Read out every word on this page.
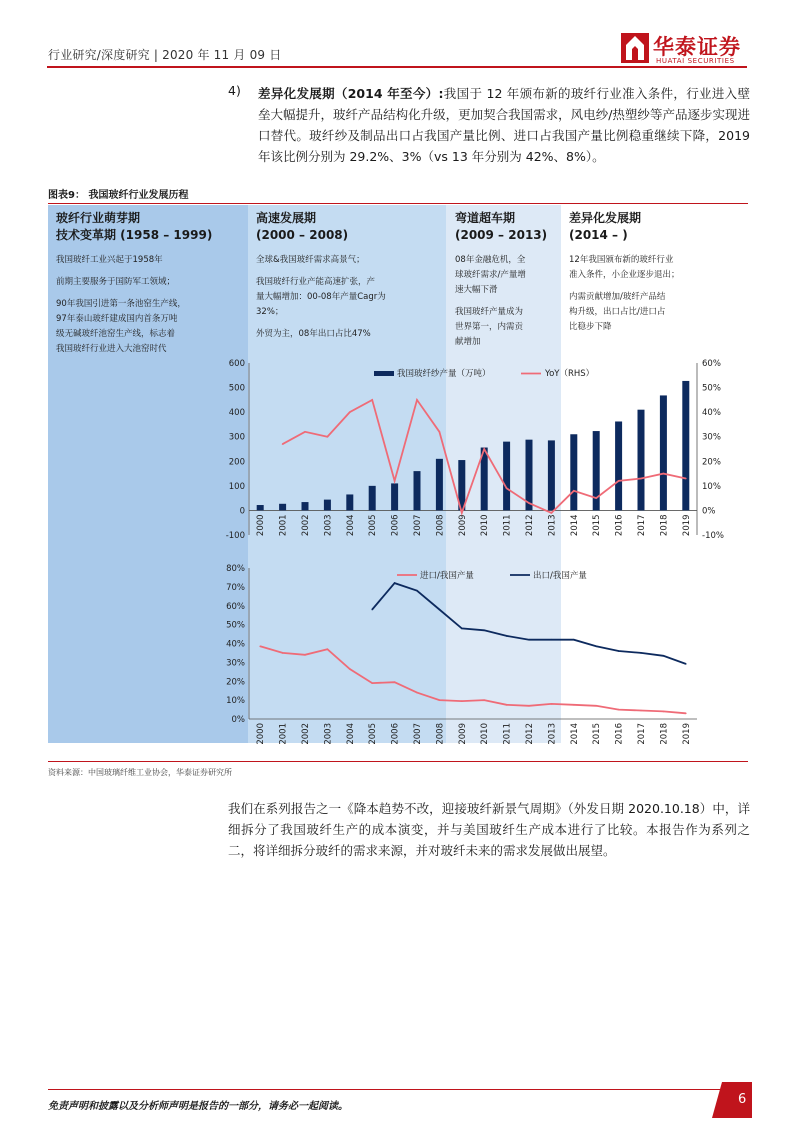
行业研究/深度研究 | 2020 年 11 月 09 日	华泰证券
HUATAI SECURITIES
4) 差异化发展期（2014 年至今）:我国于 12 年颁布新的玻纤行业准入条件，行业进入壁垒大幅提升，玻纤产品结构化升级，更加契合我国需求，风电纱/热塑纱等产品逐步实现进口替代。玻纤纱及制品出口占我国产量比例、进口占我国产量比例稳重继续下降，2019 年该比例分别为 29.2%、3%（vs 13 年分别为 42%、8%）。
图表9： 我国玻纤行业发展历程
玻纤行业萌芽期
技术变革期 (1958 – 1999)
我国玻纤工业兴起于1958年
前期主要服务于国防军工领域；
90年我国引进第一条池窑生产线，
97年泰山玻纤建成国内首条万吨
级无碱玻纤池窑生产线，标志着
我国玻纤行业进入大池窑时代
高速发展期
(2000 – 2008)
全球&我国玻纤需求高景气；
我国玻纤行业产能高速扩张，产
量大幅增加：00-08年产量Cagr为
32%；
外贸为主，08年出口占比47%
弯道超车期
(2009 – 2013)
08年金融危机，全
球玻纤需求/产量增
速大幅下滑
我国玻纤产量成为
世界第一，内需贡
献增加
差异化发展期
(2014 – )
12年我国颁布新的玻纤行业
准入条件，小企业逐步退出；
内需贡献增加/玻纤产品结
构升级，出口占比/进口占
比稳步下降
-100
0
100
200
300
400
500
600
-10%
0%
10%
20%
30%
40%
50%
60%
2000 2001 2002 2003 2004 2005 2006 2007 2008 2009 2010 2011 2012 2013 2014 2015 2016 2017 2018 2019
我国玻纤纱产量（万吨）	YoY（RHS）
0%
10%
20%
30%
40%
50%
60%
70%
80%
2000 2001 2002 2003 2004 2005 2006 2007 2008 2009 2010 2011 2012 2013 2014 2015 2016 2017 2018 2019
进口/我国产量	出口/我国产量
资料来源：中国玻璃纤维工业协会，华泰证券研究所
我们在系列报告之一《降本趋势不改，迎接玻纤新景气周期》（外发日期 2020.10.18）中，详细拆分了我国玻纤生产的成本演变，并与美国玻纤生产成本进行了比较。本报告作为系列之二，将详细拆分玻纤的需求来源，并对玻纤未来的需求发展做出展望。
免责声明和披露以及分析师声明是报告的一部分，请务必一起阅读。	6
